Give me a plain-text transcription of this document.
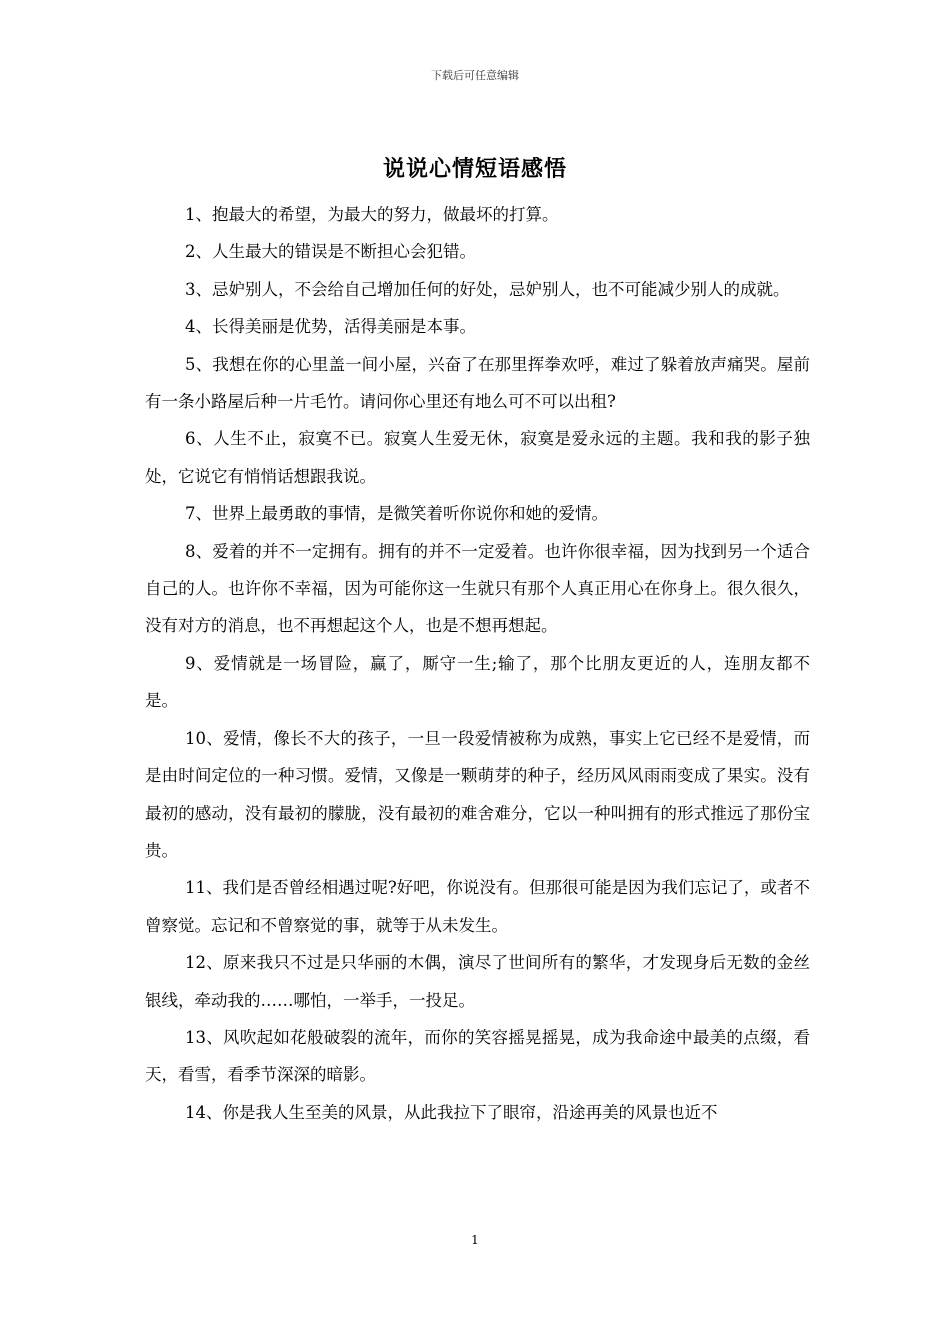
下载后可任意编辑
说说心情短语感悟

1、抱最大的希望，为最大的努力，做最坏的打算。

2、人生最大的错误是不断担心会犯错。

3、忌妒别人，不会给自己增加任何的好处，忌妒别人，也不可能减少别人的成就。

4、长得美丽是优势，活得美丽是本事。

5、我想在你的心里盖一间小屋，兴奋了在那里挥拳欢呼，难过了躲着放声痛哭。屋前有一条小路屋后种一片毛竹。请问你心里还有地么可不可以出租?

6、人生不止，寂寞不已。寂寞人生爱无休，寂寞是爱永远的主题。我和我的影子独处，它说它有悄悄话想跟我说。

7、世界上最勇敢的事情，是微笑着听你说你和她的爱情。

8、爱着的并不一定拥有。拥有的并不一定爱着。也许你很幸福，因为找到另一个适合自己的人。也许你不幸福，因为可能你这一生就只有那个人真正用心在你身上。很久很久，没有对方的消息，也不再想起这个人，也是不想再想起。

9、爱情就是一场冒险，赢了，厮守一生;输了，那个比朋友更近的人，连朋友都不是。

10、爱情，像长不大的孩子，一旦一段爱情被称为成熟，事实上它已经不是爱情，而是由时间定位的一种习惯。爱情，又像是一颗萌芽的种子，经历风风雨雨变成了果实。没有最初的感动，没有最初的朦胧，没有最初的难舍难分，它以一种叫拥有的形式推远了那份宝贵。

11、我们是否曾经相遇过呢?好吧，你说没有。但那很可能是因为我们忘记了，或者不曾察觉。忘记和不曾察觉的事，就等于从未发生。

12、原来我只不过是只华丽的木偶，演尽了世间所有的繁华，才发现身后无数的金丝银线，牵动我的……哪怕，一举手，一投足。

13、风吹起如花般破裂的流年，而你的笑容摇晃摇晃，成为我命途中最美的点缀，看天，看雪，看季节深深的暗影。

14、你是我人生至美的风景，从此我拉下了眼帘，沿途再美的风景也近不

1
